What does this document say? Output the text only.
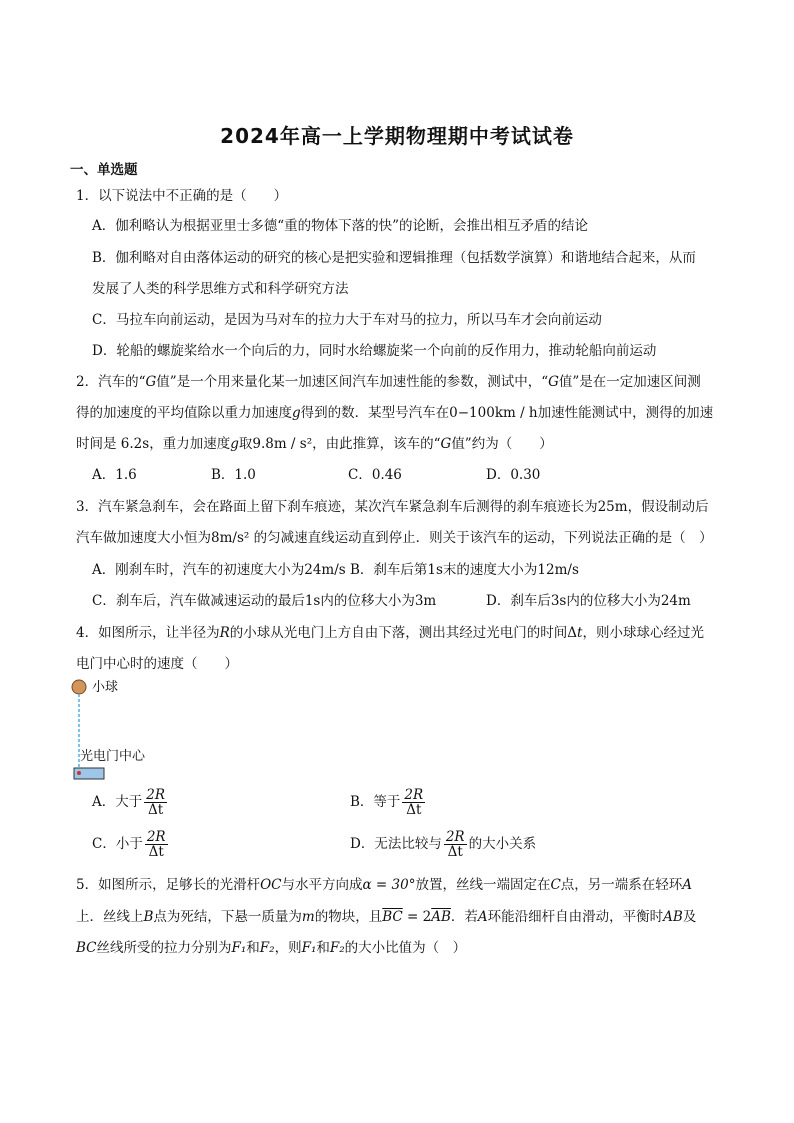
2024年高一上学期物理期中考试试卷
一、单选题
1．以下说法中不正确的是（　　）
A．伽利略认为根据亚里士多德“重的物体下落的快”的论断，会推出相互矛盾的结论
B．伽利略对自由落体运动的研究的核心是把实验和逻辑推理（包括数学演算）和谐地结合起来，从而
发展了人类的科学思维方式和科学研究方法
C．马拉车向前运动，是因为马对车的拉力大于车对马的拉力，所以马车才会向前运动
D．轮船的螺旋桨给水一个向后的力，同时水给螺旋桨一个向前的反作用力，推动轮船向前运动
2．汽车的“G值”是一个用来量化某一加速区间汽车加速性能的参数，测试中，“G值”是在一定加速区间测
得的加速度的平均值除以重力加速度g得到的数．某型号汽车在0−100km / h加速性能测试中，测得的加速
时间是 6.2s，重力加速度g取9.8m / s²，由此推算，该车的“G值”约为（　　）
A．1.6	B．1.0	C．0.46	D．0.30
3．汽车紧急刹车，会在路面上留下刹车痕迹，某次汽车紧急刹车后测得的刹车痕迹长为25m，假设制动后
汽车做加速度大小恒为8m/s² 的匀减速直线运动直到停止．则关于该汽车的运动，下列说法正确的是（　）
A．刚刹车时，汽车的初速度大小为24m/s B．刹车后第1s末的速度大小为12m/s
C．刹车后，汽车做减速运动的最后1s内的位移大小为3m	D．刹车后3s内的位移大小为24m
4．如图所示，让半径为R的小球从光电门上方自由下落，测出其经过光电门的时间Δt，则小球球心经过光
电门中心时的速度（　　）
小球
光电门中心
A．大于 $\frac{2R}{\Delta t}$	B．等于 $\frac{2R}{\Delta t}$
C．小于 $\frac{2R}{\Delta t}$	D．无法比较与 $\frac{2R}{\Delta t}$ 的大小关系
5．如图所示，足够长的光滑杆OC与水平方向成α = 30°放置，丝线一端固定在C点，另一端系在轻环A
上．丝线上B点为死结，下悬一质量为m的物块，且$\overline{BC} = 2\overline{AB}$．若A环能沿细杆自由滑动，平衡时AB及
BC丝线所受的拉力分别为F₁和F₂，则F₁和F₂的大小比值为（　）
